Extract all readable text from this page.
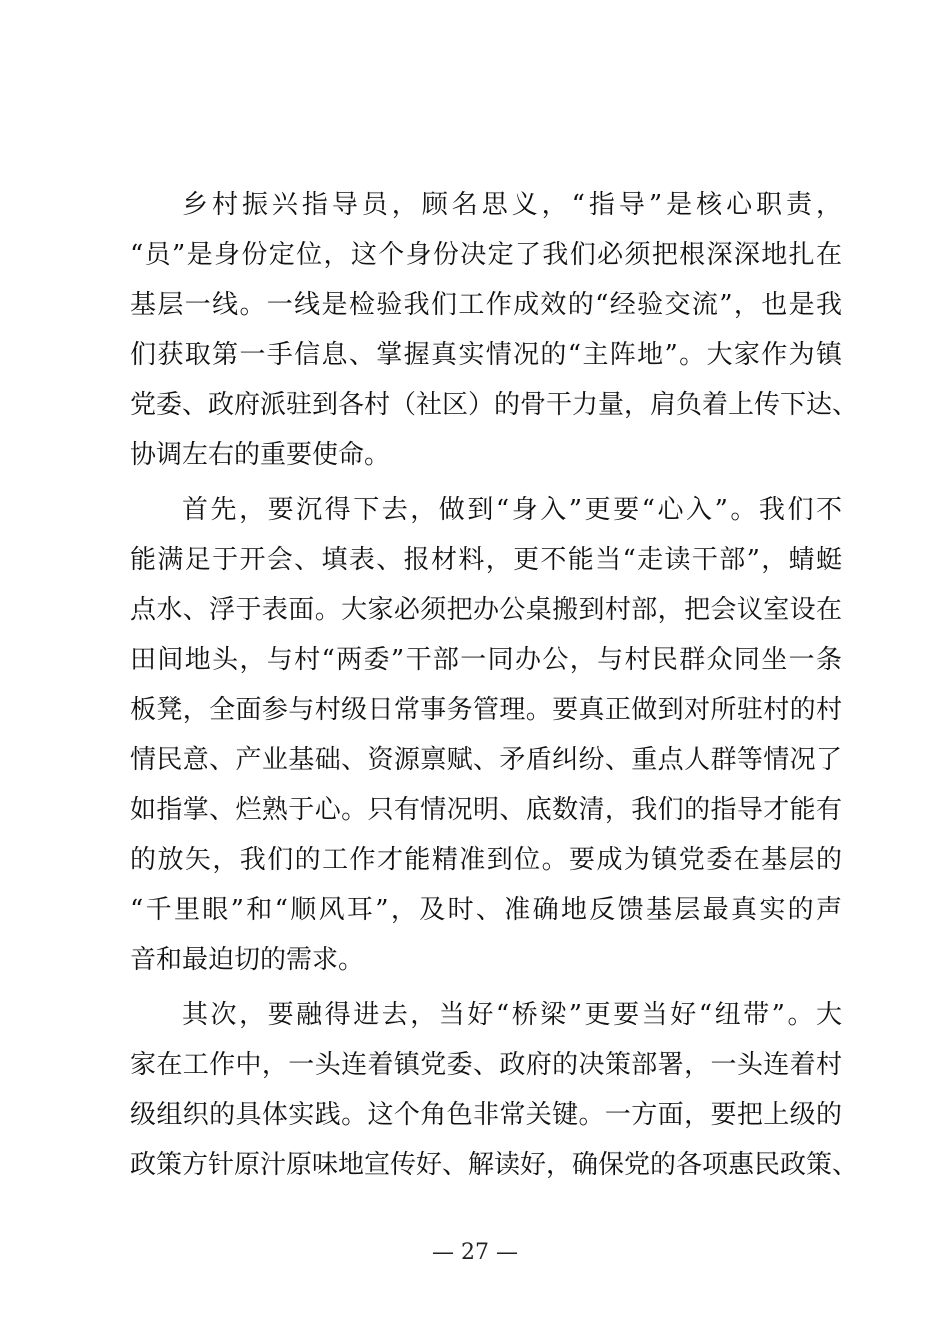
乡村振兴指导员，顾名思义，“指导”是核心职责，
“员”是身份定位，这个身份决定了我们必须把根深深地扎在
基层一线。一线是检验我们工作成效的“经验交流”，也是我
们获取第一手信息、掌握真实情况的“主阵地”。大家作为镇
党委、政府派驻到各村（社区）的骨干力量，肩负着上传下达、
协调左右的重要使命。
首先，要沉得下去，做到“身入”更要“心入”。我们不
能满足于开会、填表、报材料，更不能当“走读干部”，蜻蜓
点水、浮于表面。大家必须把办公桌搬到村部，把会议室设在
田间地头，与村“两委”干部一同办公，与村民群众同坐一条
板凳，全面参与村级日常事务管理。要真正做到对所驻村的村
情民意、产业基础、资源禀赋、矛盾纠纷、重点人群等情况了
如指掌、烂熟于心。只有情况明、底数清，我们的指导才能有
的放矢，我们的工作才能精准到位。要成为镇党委在基层的
“千里眼”和“顺风耳”，及时、准确地反馈基层最真实的声
音和最迫切的需求。
其次，要融得进去，当好“桥梁”更要当好“纽带”。大
家在工作中，一头连着镇党委、政府的决策部署，一头连着村
级组织的具体实践。这个角色非常关键。一方面，要把上级的
政策方针原汁原味地宣传好、解读好，确保党的各项惠民政策、
— 27 —
